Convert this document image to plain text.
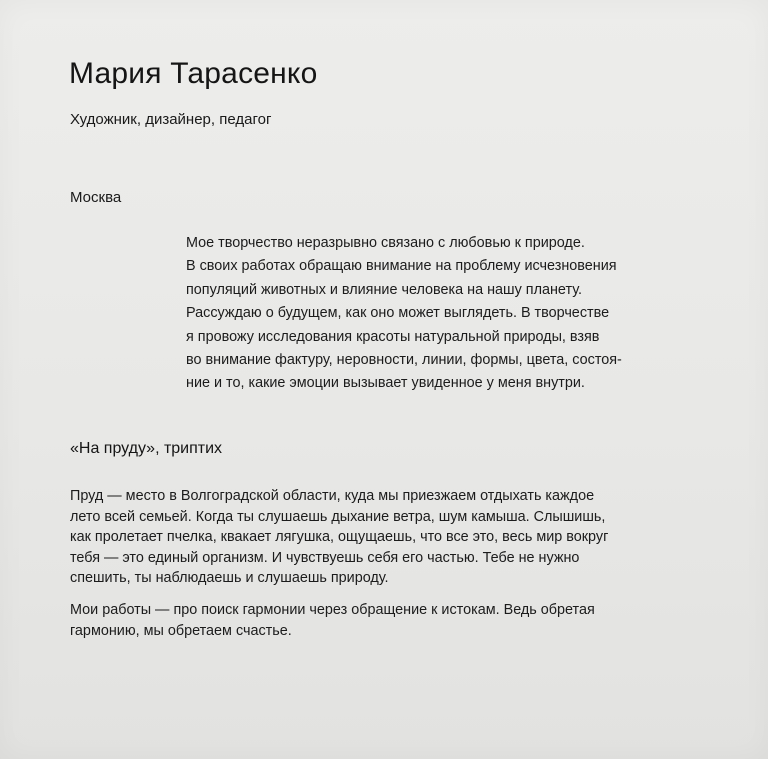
Мария Тарасенко

Художник, дизайнер, педагог

Москва

Мое творчество неразрывно связано с любовью к природе.
В своих работах обращаю внимание на проблему исчезновения
популяций животных и влияние человека на нашу планету.
Рассуждаю о будущем, как оно может выглядеть. В творчестве
я провожу исследования красоты натуральной природы, взяв
во внимание фактуру, неровности, линии, формы, цвета, состоя-
ние и то, какие эмоции вызывает увиденное у меня внутри.

«На пруду», триптих

Пруд — место в Волгоградской области, куда мы приезжаем отдыхать каждое
лето всей семьей. Когда ты слушаешь дыхание ветра, шум камыша. Слышишь,
как пролетает пчелка, квакает лягушка, ощущаешь, что все это, весь мир вокруг
тебя — это единый организм. И чувствуешь себя его частью. Тебе не нужно
спешить, ты наблюдаешь и слушаешь природу.

Мои работы — про поиск гармонии через обращение к истокам. Ведь обретая
гармонию, мы обретаем счастье.
